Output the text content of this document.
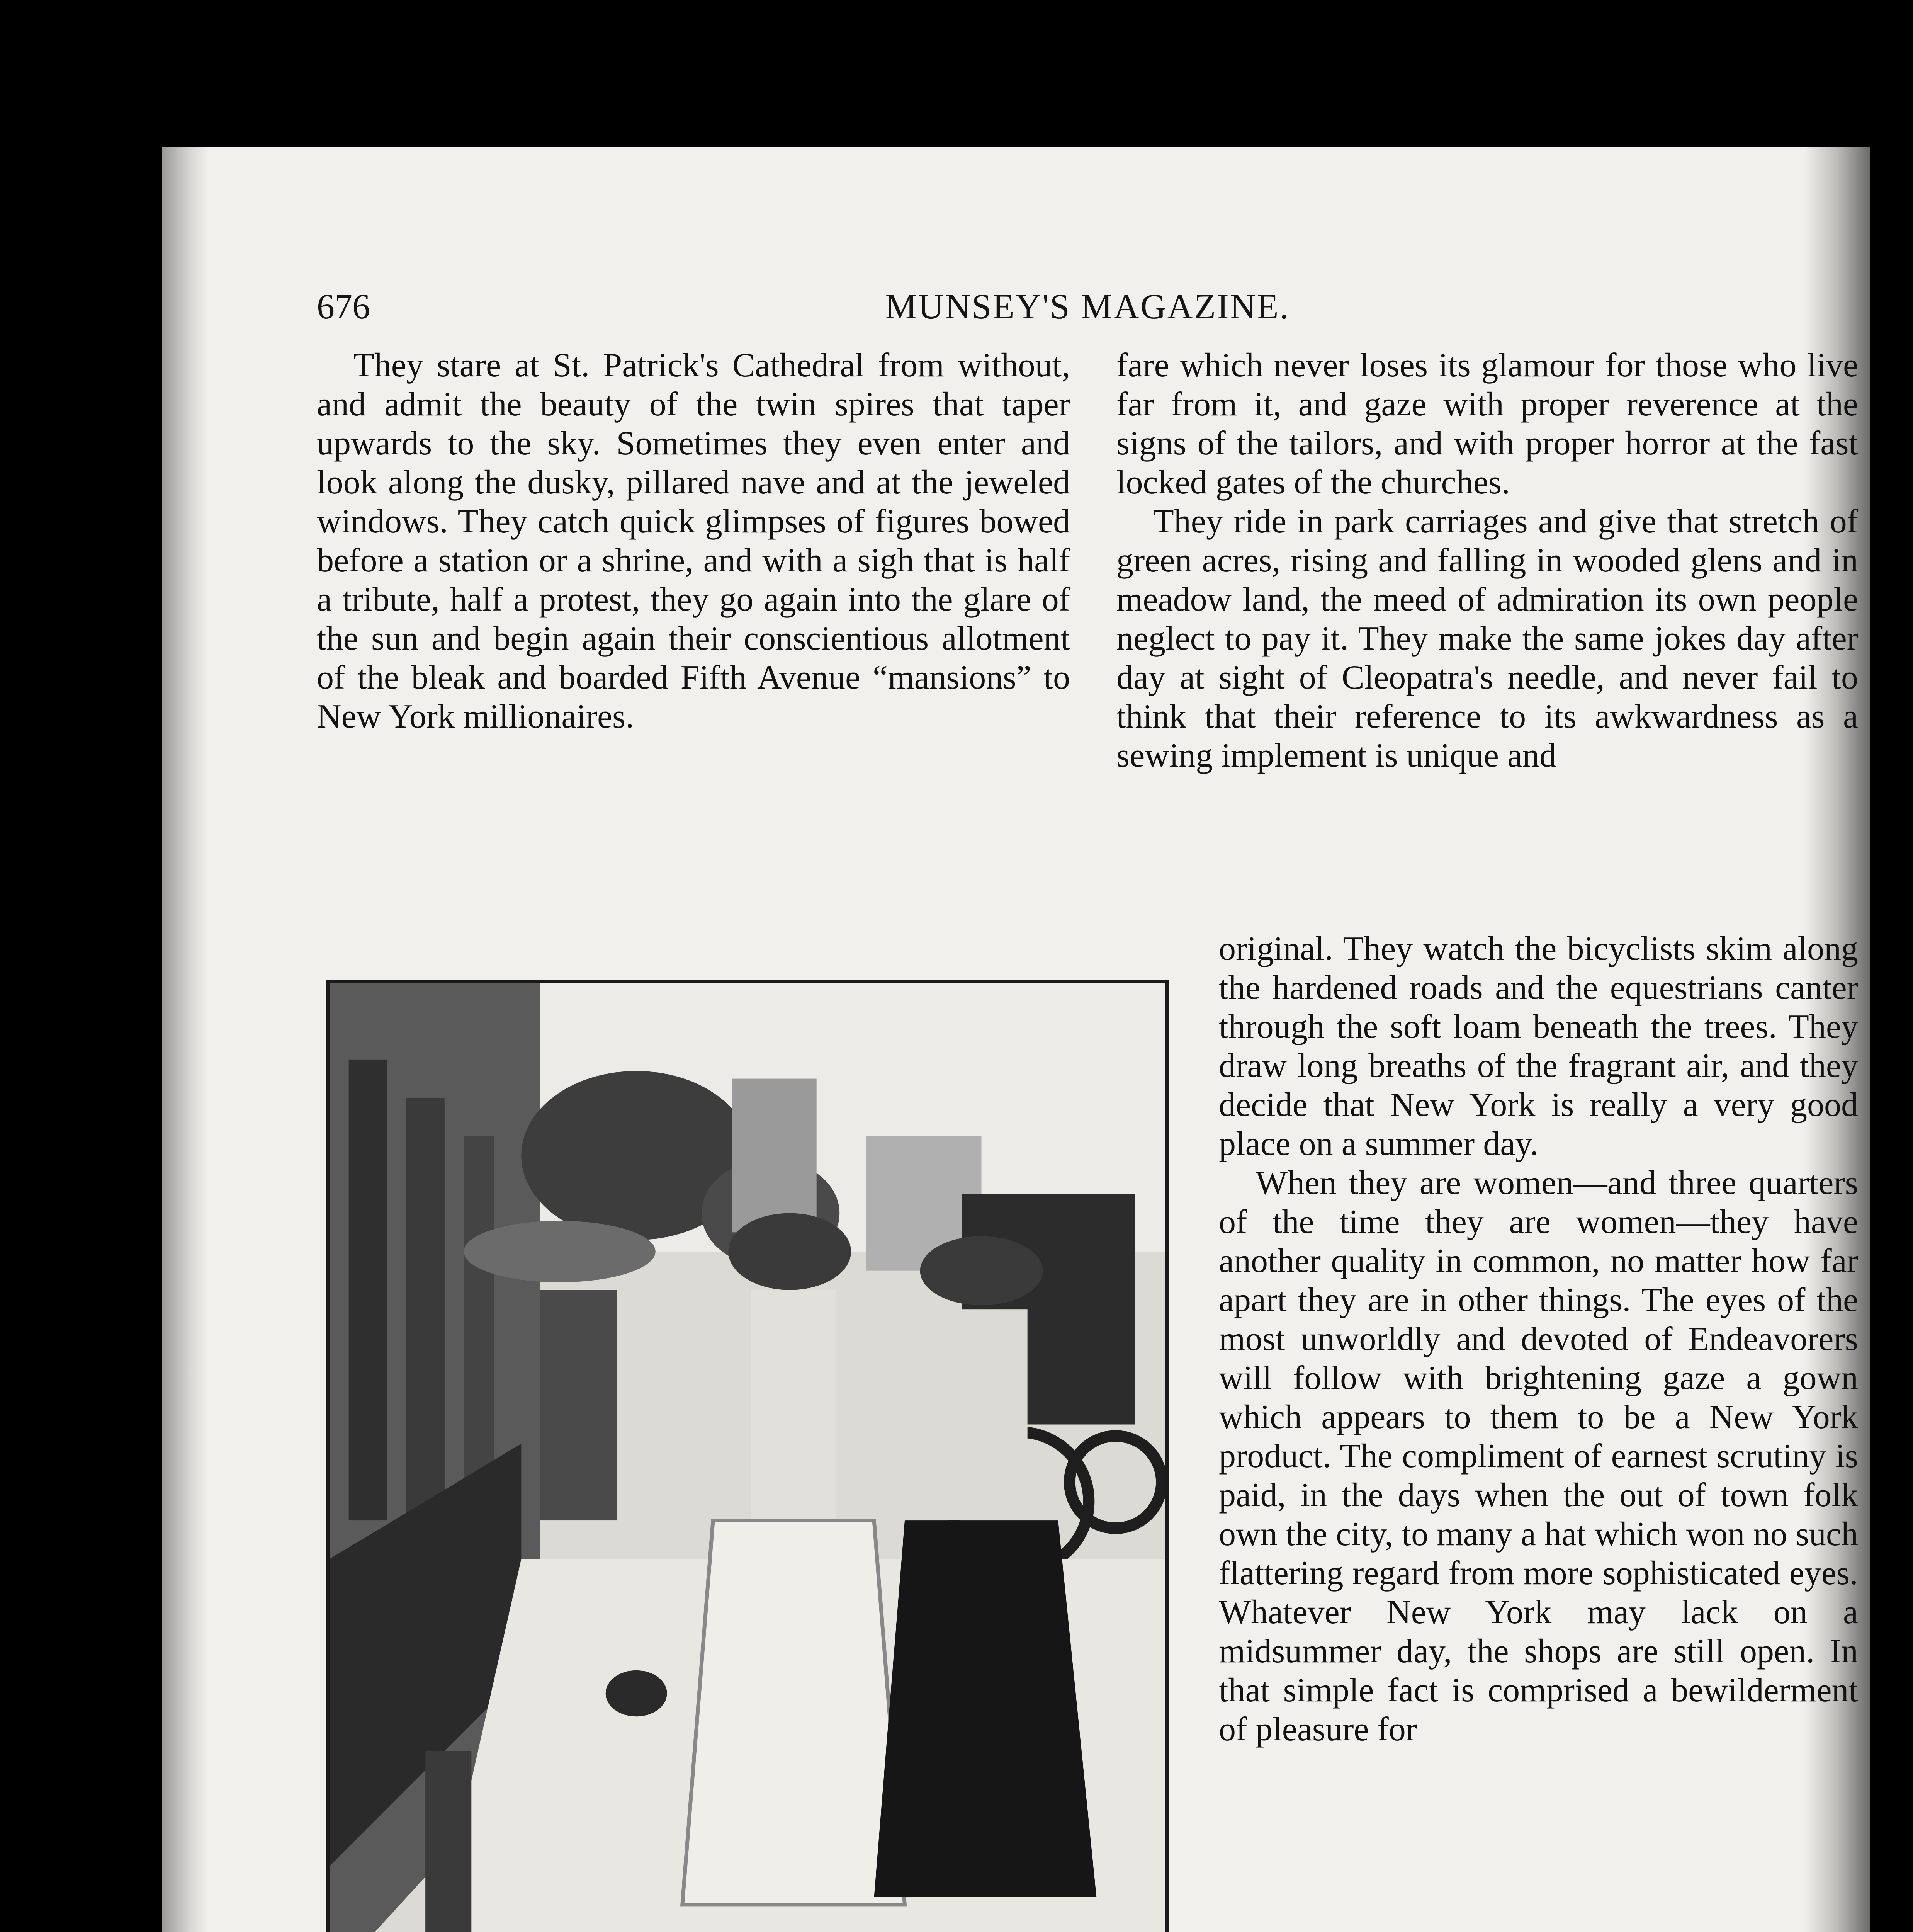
676	MUNSEY'S MAGAZINE.

They stare at St. Patrick's Cathedral from without, and admit the beauty of the twin spires that taper upwards to the sky. Sometimes they even enter and look along the dusky, pillared nave and at the jeweled windows. They catch quick glimpses of figures bowed before a station or a shrine, and with a sigh that is half a tribute, half a protest, they go again into the glare of the sun and begin again their conscientious allotment of the bleak and boarded Fifth Avenue “mansions” to New York millionaires.

fare which never loses its glamour for those who live far from it, and gaze with proper reverence at the signs of the tailors, and with proper horror at the fast locked gates of the churches.

They ride in park carriages and give that stretch of green acres, rising and falling in wooded glens and in meadow land, the meed of admiration its own people neglect to pay it. They make the same jokes day after day at sight of Cleopatra's needle, and never fail to think that their reference to its awkwardness as a sewing implement is unique and

original. They watch the bicyclists skim along the hardened roads and the equestrians canter through the soft loam beneath the trees. They draw long breaths of the fragrant air, and they decide that New York is really a very good place on a summer day.

When they are women—and three quarters of the time they are women—they have another quality in common, no matter how far apart they are in other things. The eyes of the most unworldly and devoted of Endeavorers will follow with brightening gaze a gown which appears to them to be a New York product. The compliment of earnest scrutiny is paid, in the days when the out of town folk own the city, to many a hat which won no such flattering regard from more sophisticated eyes. Whatever New York may lack on a midsummer day, the shops are still open. In that simple fact is comprised a bewilderment of pleasure for
